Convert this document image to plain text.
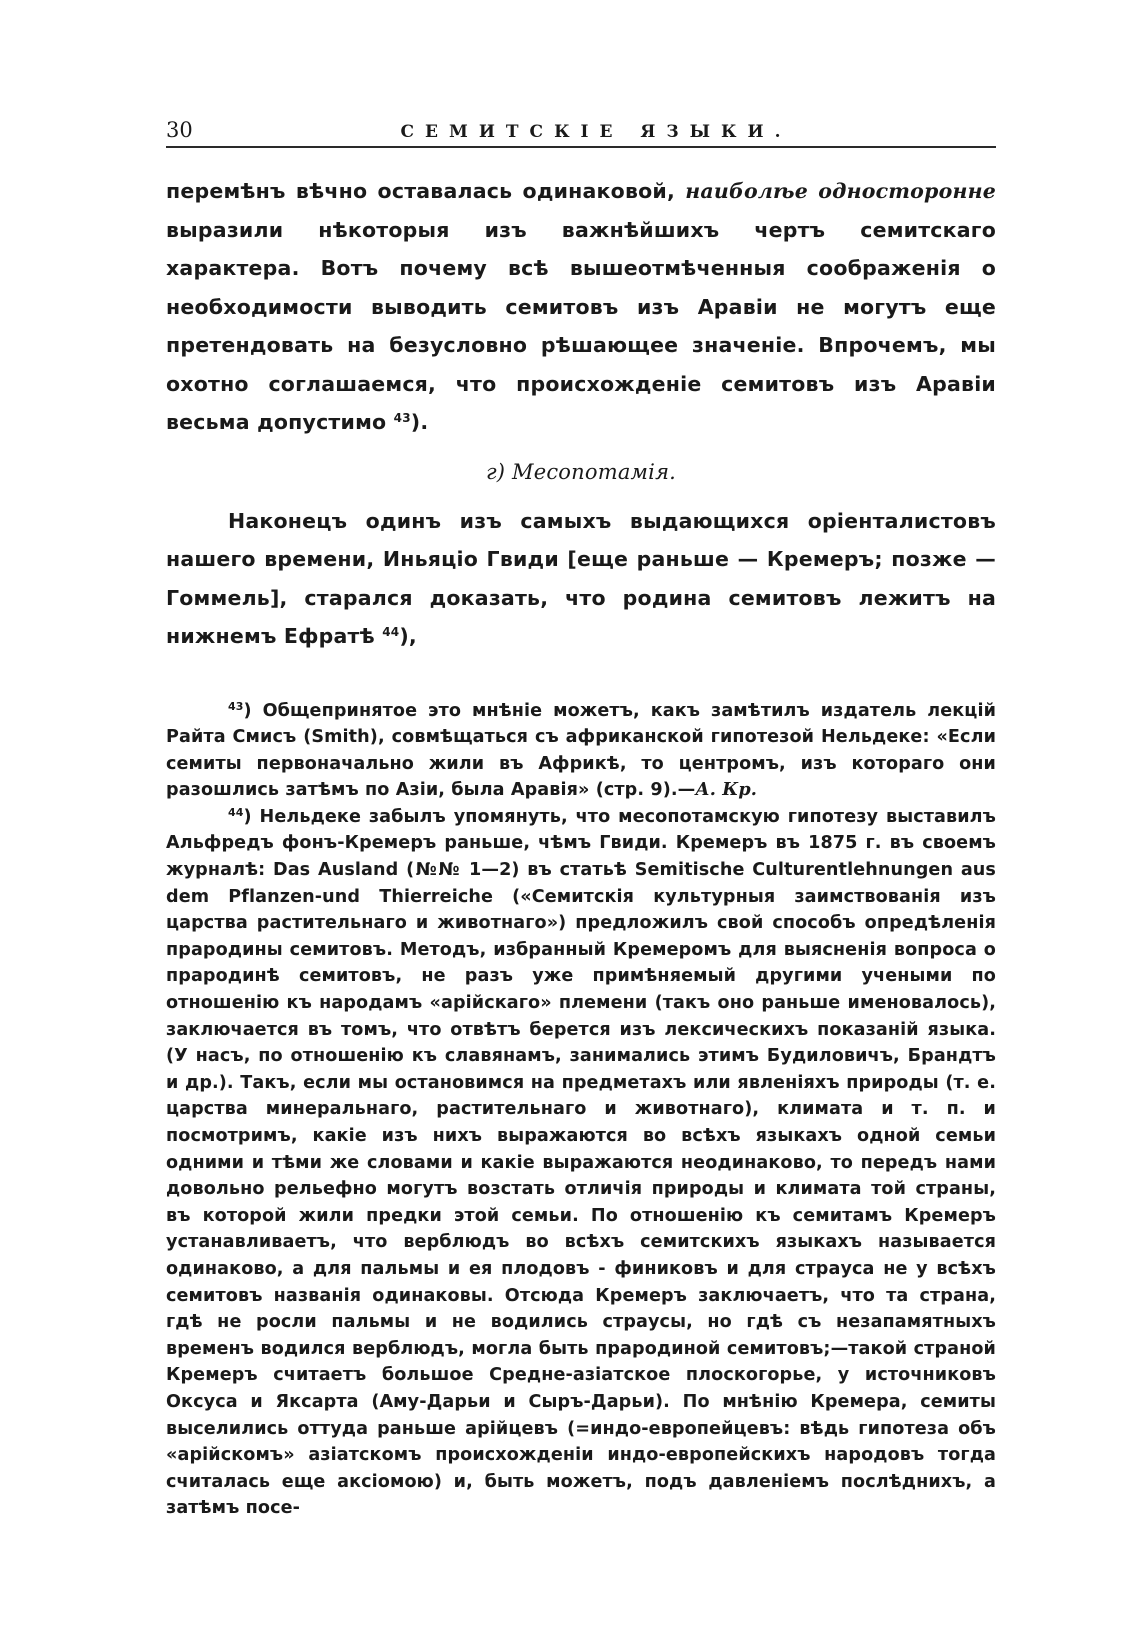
30	СЕМИТСКІЕ ЯЗЫКИ.

перемѣнъ вѣчно оставалась одинаковой, наиболѣе односторонне выразили нѣкоторыя изъ важнѣйшихъ чертъ семитскаго характера. Вотъ почему всѣ вышеотмѣченныя соображенія о необходимости выводить семитовъ изъ Аравіи не могутъ еще претендовать на безусловно рѣшающее значеніе. Впрочемъ, мы охотно соглашаемся, что происхожденіе семитовъ изъ Аравіи весьма допустимо $^{43}$).

г) Месопотамія.

Наконецъ одинъ изъ самыхъ выдающихся оріенталистовъ нашего времени, Иньяціо Гвиди [еще раньше — Кремеръ; позже — Гоммель], старался доказать, что родина семитовъ лежитъ на нижнемъ Ефратѣ $^{44}$),

$^{43}$) Общепринятое это мнѣніе можетъ, какъ замѣтилъ издатель лекцій Райта Смисъ (Smith), совмѣщаться съ африканской гипотезой Нельдеке: «Если семиты первоначально жили въ Африкѣ, то центромъ, изъ котораго они разошлись затѣмъ по Азіи, была Аравія» (стр. 9).—А. Кр.

$^{44}$) Нельдеке забылъ упомянуть, что месопотамскую гипотезу выставилъ Альфредъ фонъ-Кремеръ раньше, чѣмъ Гвиди. Кремеръ въ 1875 г. въ своемъ журналѣ: Das Ausland (№№ 1—2) въ статьѣ Semitische Culturentlehnungen aus dem Pflanzen-und Thierreiche («Семитскія культурныя заимствованія изъ царства растительнаго и животнаго») предложилъ свой способъ опредѣленія прародины семитовъ. Методъ, избранный Кремеромъ для выясненія вопроса о прародинѣ семитовъ, не разъ уже примѣняемый другими учеными по отношенію къ народамъ «арійскаго» племени (такъ оно раньше именовалось), заключается въ томъ, что отвѣтъ берется изъ лексическихъ показаній языка. (У насъ, по отношенію къ славянамъ, занимались этимъ Будиловичъ, Брандтъ и др.). Такъ, если мы остановимся на предметахъ или явленіяхъ природы (т. е. царства минеральнаго, растительнаго и животнаго), климата и т. п. и посмотримъ, какіе изъ нихъ выражаются во всѣхъ языкахъ одной семьи одними и тѣми же словами и какіе выражаются неодинаково, то передъ нами довольно рельефно могутъ возстать отличія природы и климата той страны, въ которой жили предки этой семьи. По отношенію къ семитамъ Кремеръ устанавливаетъ, что верблюдъ во всѣхъ семитскихъ языкахъ называется одинаково, а для пальмы и ея плодовъ - финиковъ и для страуса не у всѣхъ семитовъ названія одинаковы. Отсюда Кремеръ заключаетъ, что та страна, гдѣ не росли пальмы и не водились страусы, но гдѣ съ незапамятныхъ временъ водился верблюдъ, могла быть прародиной семитовъ;—такой страной Кремеръ считаетъ большое Средне-азіатское плоскогорье, у источниковъ Оксуса и Яксарта (Аму-Дарьи и Сыръ-Дарьи). По мнѣнію Кремера, семиты выселились оттуда раньше арійцевъ (=индо-европейцевъ: вѣдь гипотеза объ «арійскомъ» азіатскомъ происхожденіи индо-европейскихъ народовъ тогда считалась еще аксіомою) и, быть можетъ, подъ давленіемъ послѣднихъ, а затѣмъ посе-
